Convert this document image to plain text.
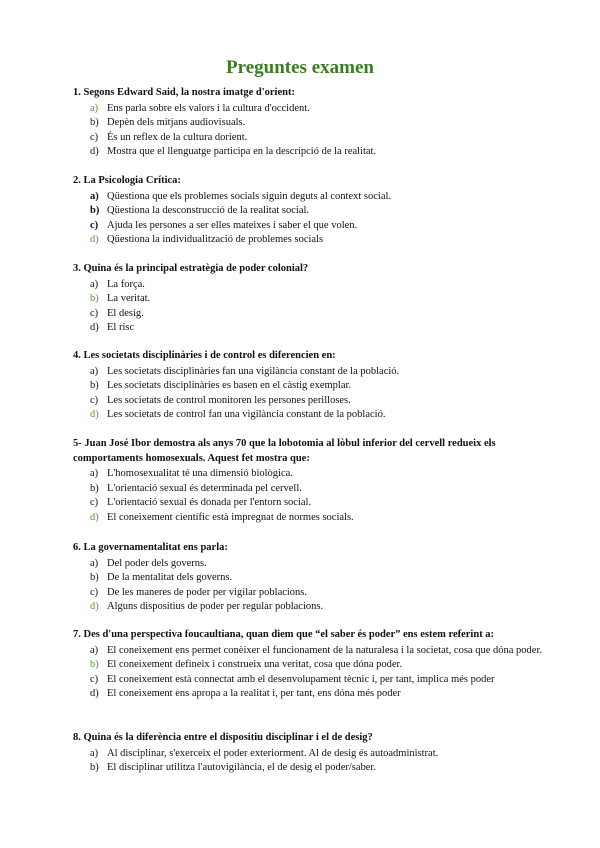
Preguntes examen
1. Segons Edward Said, la nostra imatge d'orient:
a) Ens parla sobre els valors i la cultura d'occident.
b) Depèn dels mitjans audiovisuals.
c) És un reflex de la cultura dorient.
d) Mostra que el llenguatge participa en la descripció de la realitat.
2. La Psicologia Crítica:
a) Qüestiona que els problemes socials siguin deguts al context social.
b) Qüestiona la desconstrucció de la realitat social.
c) Ajuda les persones a ser elles mateixes i saber el que volen.
d) Qüestiona la individualització de problemes socials
3. Quina és la principal estratègia de poder colonial?
a) La força.
b) La veritat.
c) El desig.
d) El risc
4. Les societats disciplinàries i de control es diferencien en:
a) Les societats disciplinàries fan una vigilància constant de la població.
b) Les societats disciplinàries es basen en el càstig exemplar.
c) Les societats de control monitoren les persones perilloses.
d) Les societats de control fan una vigilància constant de la població.
5- Juan José Ibor demostra als anys 70 que la lobotomia al lòbul inferior del cervell redueix els comportaments homosexuals. Aquest fet mostra que:
a) L'homosexualitat té una dimensió biològica.
b) L'orientació sexual és determinada pel cervell.
c) L'orientació sexual és donada per l'entorn social.
d) El coneixement científic està impregnat de normes socials.
6. La governamentalitat ens parla:
a) Del poder dels governs.
b) De la mentalitat dels governs.
c) De les maneres de poder per vigilar poblacions.
d) Alguns dispositius de poder per regular poblacions.
7. Des d'una perspectiva foucaultiana, quan diem que “el saber és poder” ens estem referint a:
a) El coneixement ens permet conèixer el funcionament de la naturalesa i la societat, cosa que dóna poder.
b) El coneixement defineix i construeix una veritat, cosa que dóna poder.
c) El coneixement està connectat amb el desenvolupament tècnic i, per tant, implica més poder
d) El coneixement ens apropa a la realitat i, per tant, ens dóna més poder
8. Quina és la diferència entre el dispositiu disciplinar i el de desig?
a) Al disciplinar, s'exerceix el poder exteriorment. Al de desig és autoadministrat.
b) El disciplinar utilitza l'autovigilància, el de desig el poder/saber.
